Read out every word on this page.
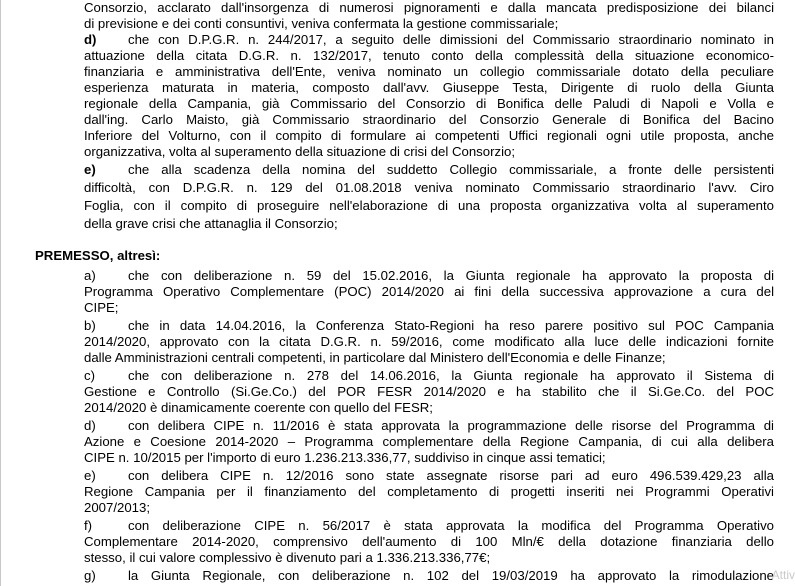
Consorzio, acclarato dall'insorgenza di numerosi pignoramenti e dalla mancata predisposizione dei bilanci
di previsione e dei conti consuntivi, veniva confermata la gestione commissariale;
d) che con D.P.G.R. n. 244/2017, a seguito delle dimissioni del Commissario straordinario nominato in
attuazione della citata D.G.R. n. 132/2017, tenuto conto della complessità della situazione economico-
finanziaria e amministrativa dell'Ente, veniva nominato un collegio commissariale dotato della peculiare
esperienza maturata in materia, composto dall'avv. Giuseppe Testa, Dirigente di ruolo della Giunta
regionale della Campania, già Commissario del Consorzio di Bonifica delle Paludi di Napoli e Volla e
dall'ing. Carlo Maisto, già Commissario straordinario del Consorzio Generale di Bonifica del Bacino
Inferiore del Volturno, con il compito di formulare ai competenti Uffici regionali ogni utile proposta, anche
organizzativa, volta al superamento della situazione di crisi del Consorzio;
e) che alla scadenza della nomina del suddetto Collegio commissariale, a fronte delle persistenti
difficoltà, con D.P.G.R. n. 129 del 01.08.2018 veniva nominato Commissario straordinario l'avv. Ciro
Foglia, con il compito di proseguire nell'elaborazione di una proposta organizzativa volta al superamento
della grave crisi che attanaglia il Consorzio;
PREMESSO, altresì:
a) che con deliberazione n. 59 del 15.02.2016, la Giunta regionale ha approvato la proposta di
Programma Operativo Complementare (POC) 2014/2020 ai fini della successiva approvazione a cura del
CIPE;
b) che in data 14.04.2016, la Conferenza Stato-Regioni ha reso parere positivo sul POC Campania
2014/2020, approvato con la citata D.G.R. n. 59/2016, come modificato alla luce delle indicazioni fornite
dalle Amministrazioni centrali competenti, in particolare dal Ministero dell'Economia e delle Finanze;
c)	che con deliberazione n. 278 del 14.06.2016, la Giunta regionale ha approvato il Sistema di
Gestione e Controllo (Si.Ge.Co.) del POR FESR 2014/2020 e ha stabilito che il Si.Ge.Co. del POC
2014/2020 è dinamicamente coerente con quello del FESR;
d) con delibera CIPE n. 11/2016 è stata approvata la programmazione delle risorse del Programma di
Azione e Coesione 2014-2020 – Programma complementare della Regione Campania, di cui alla delibera
CIPE n. 10/2015 per l'importo di euro 1.236.213.336,77, suddiviso in cinque assi tematici;
e) con delibera CIPE n. 12/2016 sono state assegnate risorse pari ad euro 496.539.429,23 alla
Regione Campania per il finanziamento del completamento di progetti inseriti nei Programmi Operativi
2007/2013;
f)	con deliberazione CIPE n. 56/2017 è stata approvata la modifica del Programma Operativo
Complementare 2014-2020, comprensivo dell'aumento di 100 Mln/€ della dotazione finanziaria dello
stesso, il cui valore complessivo è divenuto pari a 1.336.213.336,77€;
g) la Giunta Regionale, con deliberazione n. 102 del 19/03/2019 ha approvato la rimodulazione
Attiv
